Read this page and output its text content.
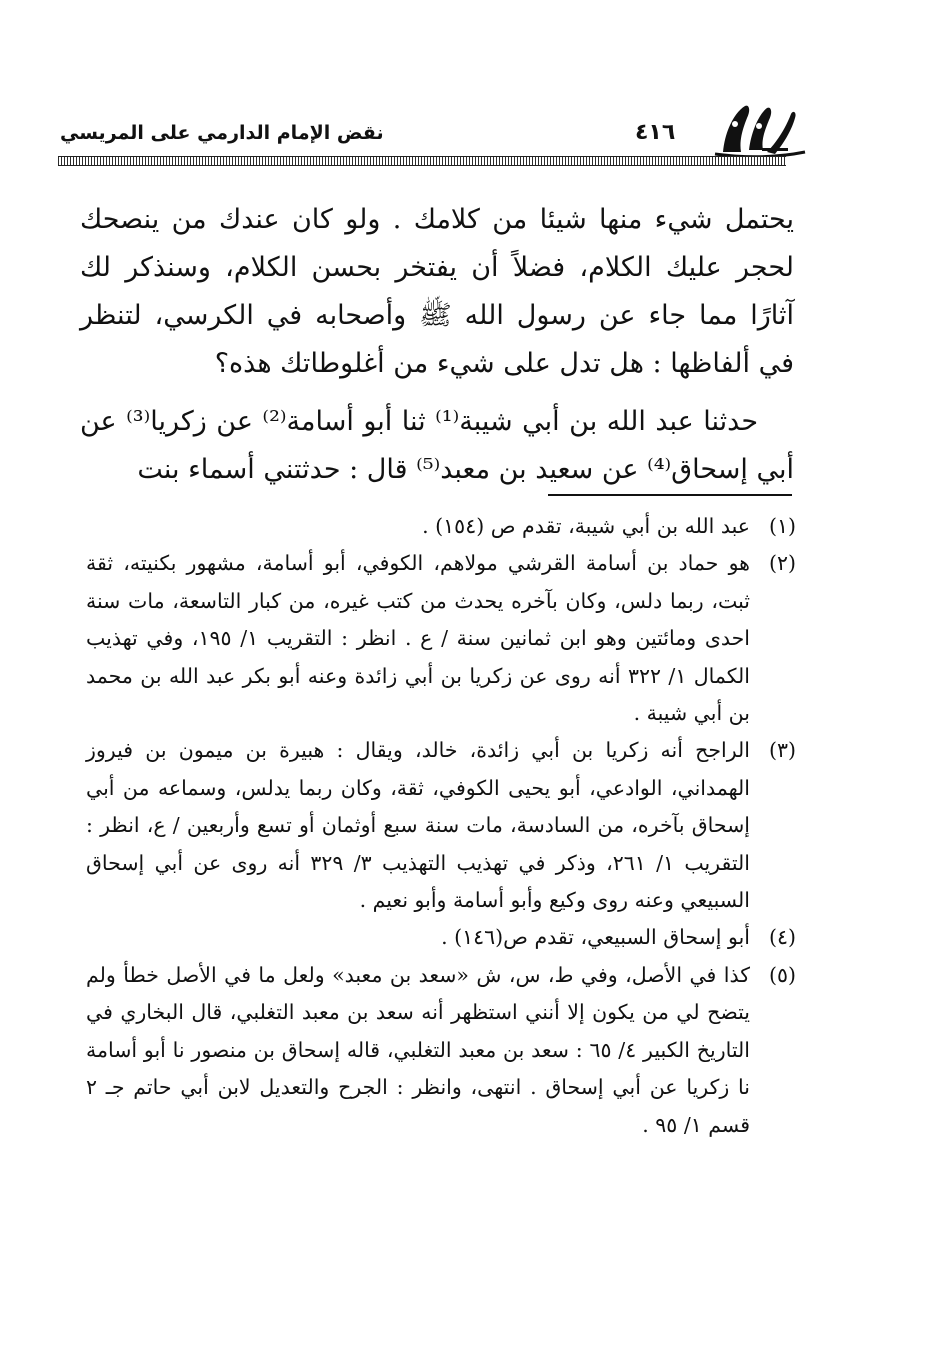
نقض الإمام الدارمي على المريسي	٤١٦

يحتمل شيء منها شيئا من كلامك . ولو كان عندك من ينصحك لحجر عليك الكلام، فضلاً أن يفتخر بحسن الكلام، وسنذكر لك آثارًا مما جاء عن رسول الله ﷺ وأصحابه في الكرسي، لتنظر في ألفاظها : هل تدل على شيء من أغلوطاتك هذه؟

حدثنا عبد الله بن أبي شيبة⁽¹⁾ ثنا أبو أسامة⁽²⁾ عن زكريا⁽³⁾ عن أبي إسحاق⁽⁴⁾ عن سعيد بن معبد⁽⁵⁾ قال : حدثتني أسماء بنت

(١)
عبد الله بن أبي شيبة، تقدم ص (١٥٤) .
(٢)
هو حماد بن أسامة القرشي مولاهم، الكوفي، أبو أسامة، مشهور بكنيته، ثقة ثبت، ربما دلس، وكان بآخره يحدث من كتب غيره، من كبار التاسعة، مات سنة احدى ومائتين وهو ابن ثمانين سنة / ع . انظر : التقريب ١/ ١٩٥، وفي تهذيب الكمال ١/ ٣٢٢ أنه روى عن زكريا بن أبي زائدة وعنه أبو بكر عبد الله بن محمد بن أبي شيبة .
(٣)
الراجح أنه زكريا بن أبي زائدة، خالد، ويقال : هبيرة بن ميمون بن فيروز الهمداني، الوادعي، أبو يحيى الكوفي، ثقة، وكان ربما يدلس، وسماعه من أبي إسحاق بآخره، من السادسة، مات سنة سبع أوثمان أو تسع وأربعين / ع، انظر : التقريب ١/ ٢٦١، وذكر في تهذيب التهذيب ٣/ ٣٢٩ أنه روى عن أبي إسحاق السبيعي وعنه روى وكيع وأبو أسامة وأبو نعيم .
(٤)
أبو إسحاق السبيعي، تقدم ص(١٤٦) .
(٥)
كذا في الأصل، وفي ط، س، ش «سعد بن معبد» ولعل ما في الأصل خطأ ولم يتضح لي من يكون إلا أنني استظهر أنه سعد بن معبد التغلبي، قال البخاري في التاريخ الكبير ٤/ ٦٥ : سعد بن معبد التغلبي، قاله إسحاق بن منصور نا أبو أسامة نا زكريا عن أبي إسحاق . انتهى، وانظر : الجرح والتعديل لابن أبي حاتم جـ ٢ قسم ١/ ٩٥ .
